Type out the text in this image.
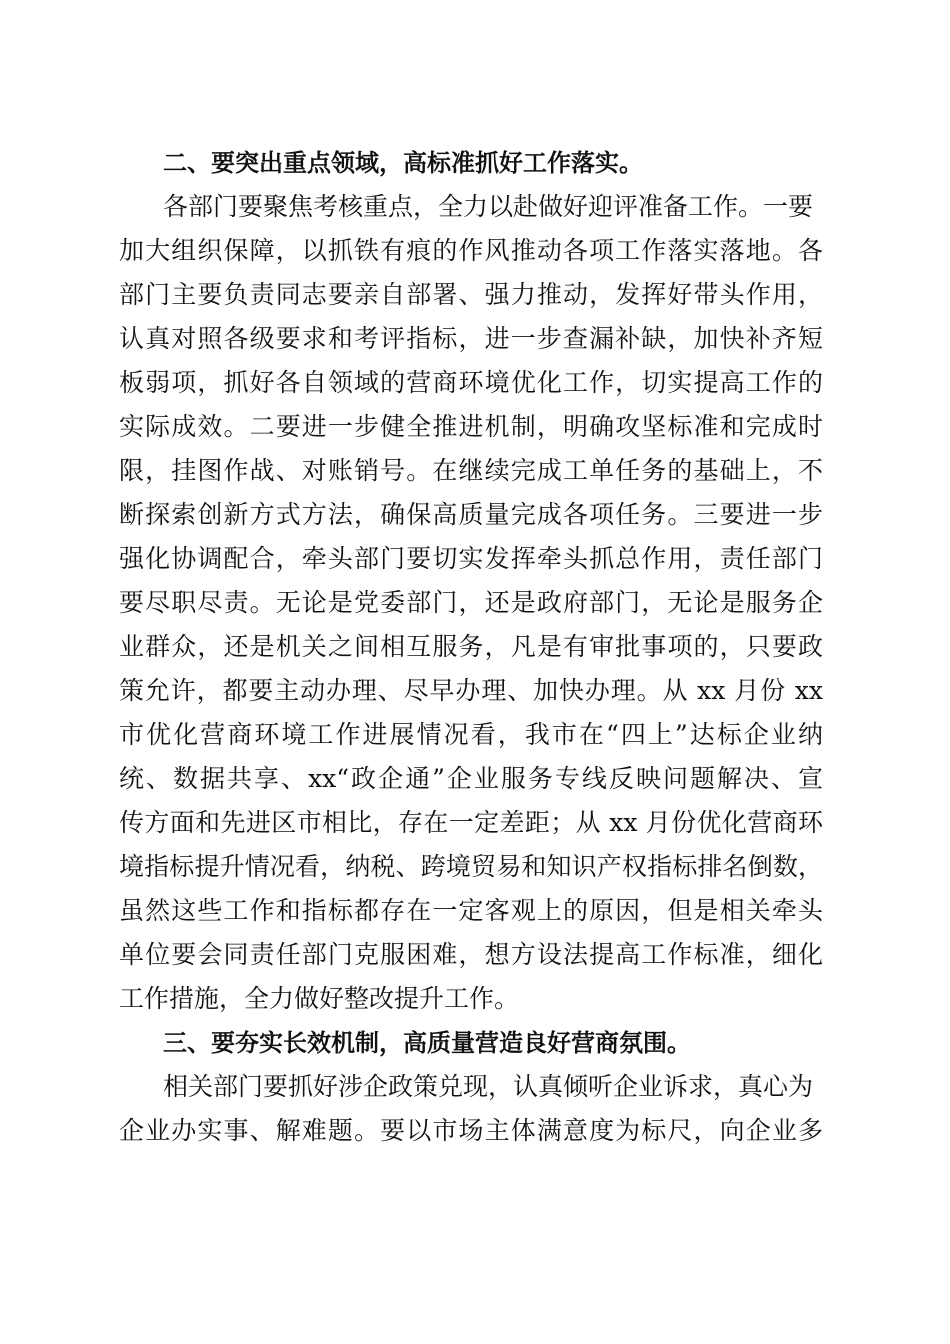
二、要突出重点领域，高标准抓好工作落实。
各部门要聚焦考核重点，全力以赴做好迎评准备工作。一要
加大组织保障，以抓铁有痕的作风推动各项工作落实落地。各
部门主要负责同志要亲自部署、强力推动，发挥好带头作用，
认真对照各级要求和考评指标，进一步查漏补缺，加快补齐短
板弱项，抓好各自领域的营商环境优化工作，切实提高工作的
实际成效。二要进一步健全推进机制，明确攻坚标准和完成时
限，挂图作战、对账销号。在继续完成工单任务的基础上，不
断探索创新方式方法，确保高质量完成各项任务。三要进一步
强化协调配合，牵头部门要切实发挥牵头抓总作用，责任部门
要尽职尽责。无论是党委部门，还是政府部门，无论是服务企
业群众，还是机关之间相互服务，凡是有审批事项的，只要政
策允许，都要主动办理、尽早办理、加快办理。从 xx 月份 xx
市优化营商环境工作进展情况看，我市在“四上”达标企业纳
统、数据共享、xx“政企通”企业服务专线反映问题解决、宣
传方面和先进区市相比，存在一定差距；从 xx 月份优化营商环
境指标提升情况看，纳税、跨境贸易和知识产权指标排名倒数，
虽然这些工作和指标都存在一定客观上的原因，但是相关牵头
单位要会同责任部门克服困难，想方设法提高工作标准，细化
工作措施，全力做好整改提升工作。
三、要夯实长效机制，高质量营造良好营商氛围。
相关部门要抓好涉企政策兑现，认真倾听企业诉求，真心为
企业办实事、解难题。要以市场主体满意度为标尺，向企业多
